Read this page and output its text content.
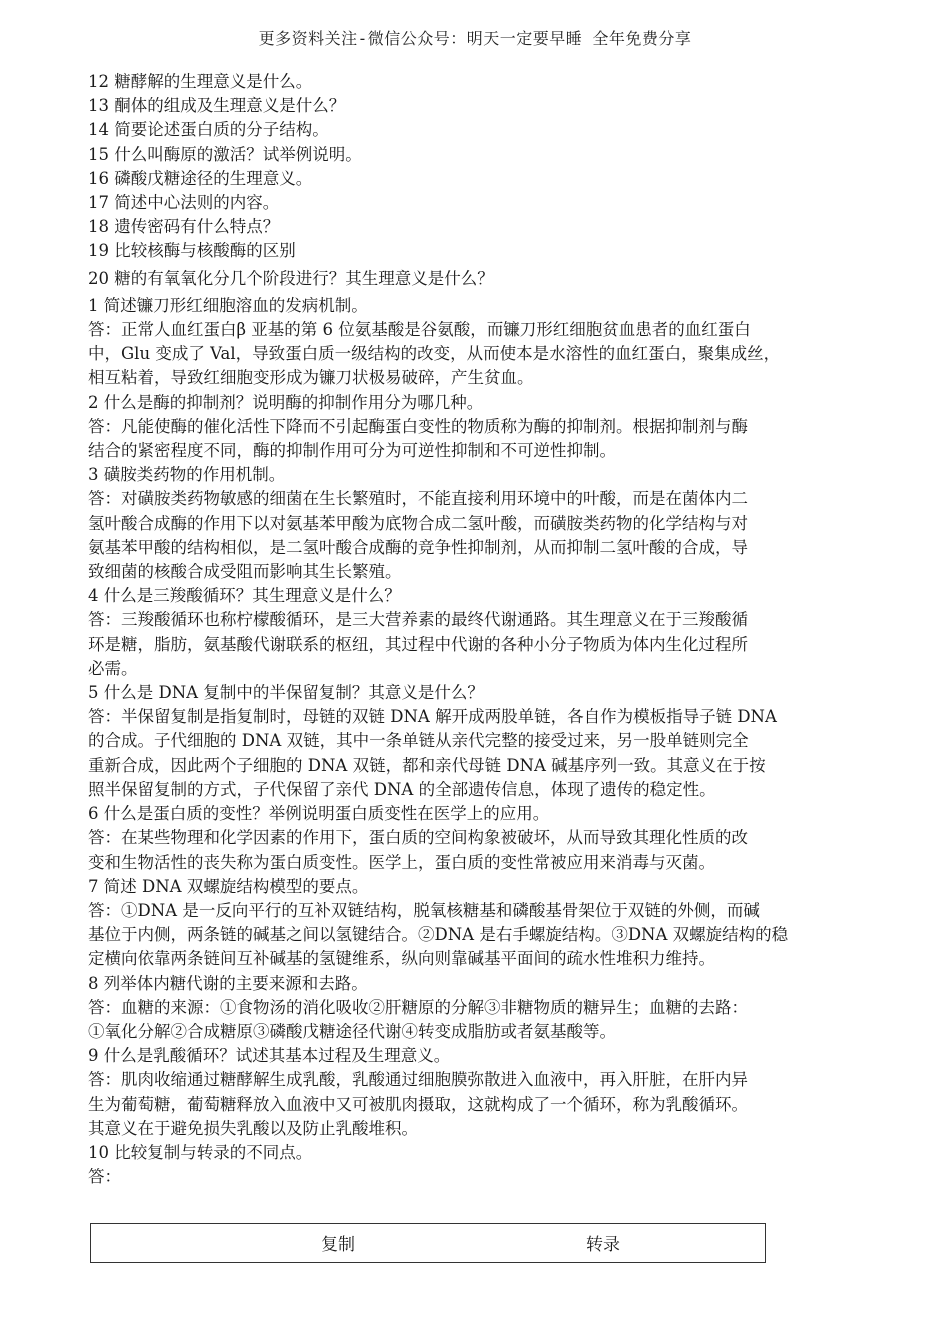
更多资料关注-微信公众号：明天一定要早睡 全年免费分享

12 糖酵解的生理意义是什么。

13 酮体的组成及生理意义是什么？

14 简要论述蛋白质的分子结构。

15 什么叫酶原的激活？试举例说明。

16 磷酸戊糖途径的生理意义。

17 简述中心法则的内容。

18 遗传密码有什么特点？

19 比较核酶与核酸酶的区别

20 糖的有氧氧化分几个阶段进行？其生理意义是什么？

1 简述镰刀形红细胞溶血的发病机制。

答：正常人血红蛋白β 亚基的第 6 位氨基酸是谷氨酸，而镰刀形红细胞贫血患者的血红蛋白

中，Glu 变成了 Val，导致蛋白质一级结构的改变，从而使本是水溶性的血红蛋白，聚集成丝，

相互粘着，导致红细胞变形成为镰刀状极易破碎，产生贫血。

2 什么是酶的抑制剂？说明酶的抑制作用分为哪几种。

答：凡能使酶的催化活性下降而不引起酶蛋白变性的物质称为酶的抑制剂。根据抑制剂与酶

结合的紧密程度不同，酶的抑制作用可分为可逆性抑制和不可逆性抑制。

3 磺胺类药物的作用机制。

答：对磺胺类药物敏感的细菌在生长繁殖时，不能直接利用环境中的叶酸，而是在菌体内二

氢叶酸合成酶的作用下以对氨基苯甲酸为底物合成二氢叶酸，而磺胺类药物的化学结构与对

氨基苯甲酸的结构相似，是二氢叶酸合成酶的竞争性抑制剂，从而抑制二氢叶酸的合成，导

致细菌的核酸合成受阻而影响其生长繁殖。

4 什么是三羧酸循环？其生理意义是什么？

答：三羧酸循环也称柠檬酸循环，是三大营养素的最终代谢通路。其生理意义在于三羧酸循

环是糖，脂肪，氨基酸代谢联系的枢纽，其过程中代谢的各种小分子物质为体内生化过程所

必需。

5 什么是 DNA 复制中的半保留复制？其意义是什么？

答：半保留复制是指复制时，母链的双链 DNA 解开成两股单链，各自作为模板指导子链 DNA

的合成。子代细胞的 DNA 双链，其中一条单链从亲代完整的接受过来，另一股单链则完全

重新合成，因此两个子细胞的 DNA 双链，都和亲代母链 DNA 碱基序列一致。其意义在于按

照半保留复制的方式，子代保留了亲代 DNA 的全部遗传信息，体现了遗传的稳定性。

6 什么是蛋白质的变性？举例说明蛋白质变性在医学上的应用。

答：在某些物理和化学因素的作用下，蛋白质的空间构象被破坏，从而导致其理化性质的改

变和生物活性的丧失称为蛋白质变性。医学上，蛋白质的变性常被应用来消毒与灭菌。

7 简述 DNA 双螺旋结构模型的要点。

答：①DNA 是一反向平行的互补双链结构，脱氧核糖基和磷酸基骨架位于双链的外侧，而碱

基位于内侧，两条链的碱基之间以氢键结合。②DNA 是右手螺旋结构。③DNA 双螺旋结构的稳

定横向依靠两条链间互补碱基的氢键维系，纵向则靠碱基平面间的疏水性堆积力维持。

8 列举体内糖代谢的主要来源和去路。

答：血糖的来源：①食物汤的消化吸收②肝糖原的分解③非糖物质的糖异生；血糖的去路：

①氧化分解②合成糖原③磷酸戊糖途径代谢④转变成脂肪或者氨基酸等。

9 什么是乳酸循环？试述其基本过程及生理意义。

答：肌肉收缩通过糖酵解生成乳酸，乳酸通过细胞膜弥散进入血液中，再入肝脏，在肝内异

生为葡萄糖，葡萄糖释放入血液中又可被肌肉摄取，这就构成了一个循环，称为乳酸循环。

其意义在于避免损失乳酸以及防止乳酸堆积。

10 比较复制与转录的不同点。

答：

复制	转录
